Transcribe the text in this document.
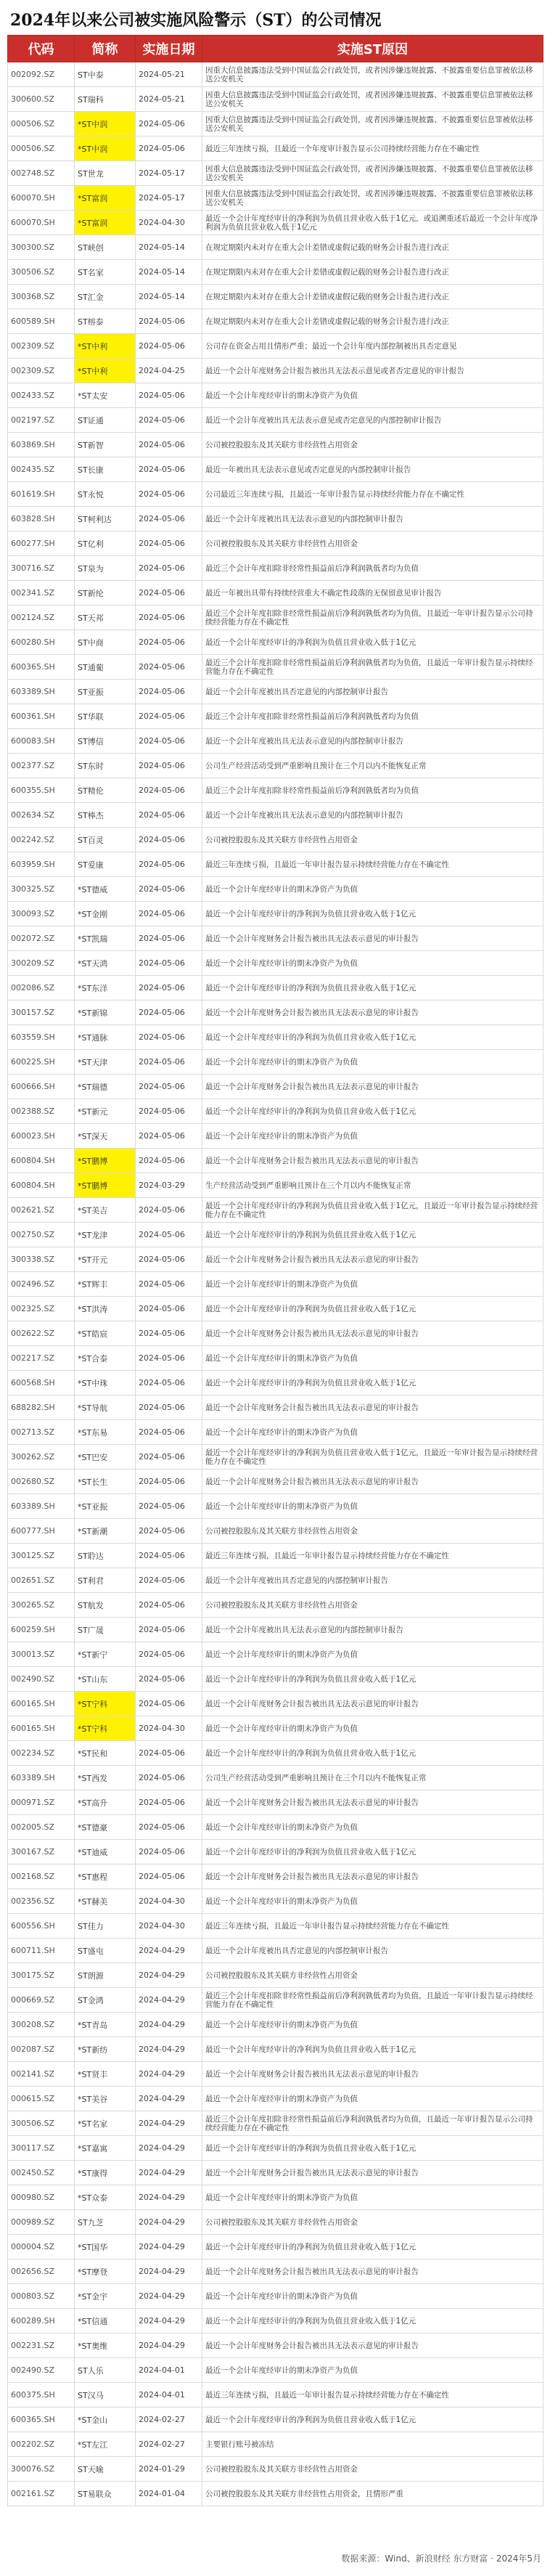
2024年以来公司被实施风险警示（ST）的公司情况
代码	简称	实施日期	实施ST原因
002092.SZ	ST中泰	2024-05-21	因重大信息披露违法受到中国证监会行政处罚，或者因涉嫌违规披露、不披露重要信息罪被依法移送公安机关
300600.SZ	ST瑞科	2024-05-21	因重大信息披露违法受到中国证监会行政处罚，或者因涉嫌违规披露、不披露重要信息罪被依法移送公安机关
000506.SZ	*ST中润	2024-05-06	因重大信息披露违法受到中国证监会行政处罚，或者因涉嫌违规披露、不披露重要信息罪被依法移送公安机关
000506.SZ	*ST中润	2024-05-06	最近三年连续亏损，且最近一个年度审计报告显示公司持续经营能力存在不确定性
002748.SZ	ST世龙	2024-05-17	因重大信息披露违法受到中国证监会行政处罚，或者因涉嫌违规披露、不披露重要信息罪被依法移送公安机关
600070.SH	*ST富润	2024-05-17	因重大信息披露违法受到中国证监会行政处罚，或者因涉嫌违规披露、不披露重要信息罪被依法移送公安机关
600070.SH	*ST富润	2024-04-30	最近一个会计年度经审计的净利润为负值且营业收入低于1亿元，或追溯重述后最近一个会计年度净利润为负值且营业收入低于1亿元
300300.SZ	ST峡创	2024-05-14	在规定期限内未对存在重大会计差错或虚假记载的财务会计报告进行改正
300506.SZ	ST名家	2024-05-14	在规定期限内未对存在重大会计差错或虚假记载的财务会计报告进行改正
300368.SZ	ST汇金	2024-05-14	在规定期限内未对存在重大会计差错或虚假记载的财务会计报告进行改正
600589.SH	ST榕泰	2024-05-06	在规定期限内未对存在重大会计差错或虚假记载的财务会计报告进行改正
002309.SZ	*ST中利	2024-05-06	公司存在资金占用且情形严重；最近一个会计年度内部控制被出具否定意见
002309.SZ	*ST中利	2024-04-25	最近一个会计年度财务会计报告被出具无法表示意见或者否定意见的审计报告
002433.SZ	*ST太安	2024-05-06	最近一个会计年度经审计的期末净资产为负值
002197.SZ	ST证通	2024-05-06	最近一个会计年度被出具无法表示意见或否定意见的内部控制审计报告
603869.SH	ST新智	2024-05-06	公司被控股股东及其关联方非经营性占用资金
002435.SZ	ST长康	2024-05-06	最近一年被出具无法表示意见或否定意见的内部控制审计报告
601619.SH	ST永悦	2024-05-06	公司最近三年连续亏损，且最近一年审计报告显示持续经营能力存在不确定性
603828.SH	ST柯利达	2024-05-06	最近一个会计年度被出具无法表示意见的内部控制审计报告
600277.SH	ST亿利	2024-05-06	公司被控股股东及其关联方非经营性占用资金
300716.SZ	ST泉为	2024-05-06	最近三个会计年度扣除非经常性损益前后净利润孰低者均为负值
002341.SZ	ST新纶	2024-05-06	最近一年被出具带有持续经营重大不确定性段落的无保留意见审计报告
002124.SZ	ST天邦	2024-05-06	最近三个会计年度扣除非经常性损益前后净利润孰低者均为负值，且最近一年审计报告显示公司持续经营能力存在不确定性
600280.SH	ST中商	2024-05-06	最近一个会计年度经审计的净利润为负值且营业收入低于1亿元
600365.SH	ST通葡	2024-05-06	最近三个会计年度扣除非经常性损益前后净利润孰低者均为负值，且最近一年审计报告显示持续经营能力存在不确定性
603389.SH	ST亚振	2024-05-06	最近一个会计年度被出具否定意见的内部控制审计报告
600361.SH	ST华联	2024-05-06	最近三个会计年度扣除非经常性损益前后净利润孰低者均为负值
600083.SH	ST博信	2024-05-06	最近一个会计年度被出具无法表示意见的内部控制审计报告
002377.SZ	ST东时	2024-05-06	公司生产经营活动受到严重影响且预计在三个月以内不能恢复正常
600355.SH	ST精伦	2024-05-06	最近三个会计年度扣除非经常性损益前后净利润孰低者均为负值
002634.SZ	ST棒杰	2024-05-06	最近一个会计年度被出具无法表示意见的内部控制审计报告
002242.SZ	ST百灵	2024-05-06	公司被控股股东及其关联方非经营性占用资金
603959.SH	ST爱康	2024-05-06	最近三年连续亏损，且最近一年审计报告显示持续经营能力存在不确定性
300325.SZ	*ST德威	2024-05-06	最近一个会计年度经审计的期末净资产为负值
300093.SZ	*ST金刚	2024-05-06	最近一个会计年度经审计的净利润为负值且营业收入低于1亿元
002072.SZ	*ST凯瑞	2024-05-06	最近一个会计年度财务会计报告被出具无法表示意见的审计报告
300209.SZ	*ST天鸿	2024-05-06	最近一个会计年度经审计的期末净资产为负值
002086.SZ	*ST东洋	2024-05-06	最近一个会计年度经审计的净利润为负值且营业收入低于1亿元
300157.SZ	*ST新锦	2024-05-06	最近一个会计年度财务会计报告被出具无法表示意见的审计报告
603559.SH	*ST通脉	2024-05-06	最近一个会计年度经审计的净利润为负值且营业收入低于1亿元
600225.SH	*ST天津	2024-05-06	最近一个会计年度经审计的期末净资产为负值
600666.SH	*ST瑞德	2024-05-06	最近一个会计年度财务会计报告被出具无法表示意见的审计报告
002388.SZ	*ST新元	2024-05-06	最近一个会计年度经审计的净利润为负值且营业收入低于1亿元
600023.SH	*ST深天	2024-05-06	最近一个会计年度经审计的期末净资产为负值
600804.SH	*ST鹏博	2024-05-06	最近一个会计年度财务会计报告被出具无法表示意见的审计报告
600804.SH	*ST鹏博	2024-03-29	生产经营活动受到严重影响且预计在三个月以内不能恢复正常
002621.SZ	*ST美吉	2024-05-06	最近一个会计年度经审计的净利润为负值且营业收入低于1亿元，且最近一年审计报告显示持续经营能力存在不确定性
002750.SZ	*ST龙津	2024-05-06	最近一个会计年度经审计的净利润为负值且营业收入低于1亿元
300338.SZ	*ST开元	2024-05-06	最近一个会计年度财务会计报告被出具无法表示意见的审计报告
002496.SZ	*ST辉丰	2024-05-06	最近一个会计年度经审计的期末净资产为负值
002325.SZ	*ST洪涛	2024-05-06	最近一个会计年度经审计的净利润为负值且营业收入低于1亿元
002622.SZ	*ST皓宸	2024-05-06	最近一个会计年度财务会计报告被出具无法表示意见的审计报告
002217.SZ	*ST合泰	2024-05-06	最近一个会计年度经审计的期末净资产为负值
600568.SH	*ST中珠	2024-05-06	最近一个会计年度经审计的净利润为负值且营业收入低于1亿元
688282.SH	*ST导航	2024-05-06	最近一个会计年度财务会计报告被出具无法表示意见的审计报告
002713.SZ	*ST东易	2024-05-06	最近一个会计年度经审计的期末净资产为负值
300262.SZ	*ST巴安	2024-05-06	最近一个会计年度经审计的净利润为负值且营业收入低于1亿元，且最近一年审计报告显示持续经营能力存在不确定性
002680.SZ	*ST长生	2024-05-06	最近一个会计年度财务会计报告被出具无法表示意见的审计报告
603389.SH	*ST亚振	2024-05-06	最近一个会计年度经审计的期末净资产为负值
600777.SH	*ST新潮	2024-05-06	公司被控股股东及其关联方非经营性占用资金
300125.SZ	ST聆达	2024-05-06	最近三年连续亏损，且最近一年审计报告显示持续经营能力存在不确定性
002651.SZ	ST利君	2024-05-06	最近一个会计年度被出具否定意见的内部控制审计报告
300265.SZ	ST航发	2024-05-06	公司被控股股东及其关联方非经营性占用资金
600259.SH	ST广晟	2024-05-06	最近一个会计年度被出具无法表示意见的内部控制审计报告
300013.SZ	*ST新宁	2024-05-06	最近一个会计年度经审计的期末净资产为负值
002490.SZ	*ST山东	2024-05-06	最近一个会计年度经审计的净利润为负值且营业收入低于1亿元
600165.SH	*ST宁科	2024-05-06	最近一个会计年度财务会计报告被出具无法表示意见的审计报告
600165.SH	*ST宁科	2024-04-30	最近一个会计年度经审计的期末净资产为负值
002234.SZ	*ST民和	2024-05-06	最近一个会计年度经审计的净利润为负值且营业收入低于1亿元
603389.SH	*ST西发	2024-05-06	公司生产经营活动受到严重影响且预计在三个月以内不能恢复正常
000971.SZ	*ST高升	2024-05-06	最近一个会计年度财务会计报告被出具无法表示意见的审计报告
002005.SZ	*ST德豪	2024-05-06	最近一个会计年度经审计的期末净资产为负值
300167.SZ	*ST迪威	2024-05-06	最近一个会计年度经审计的净利润为负值且营业收入低于1亿元
002168.SZ	*ST惠程	2024-05-06	最近一个会计年度财务会计报告被出具无法表示意见的审计报告
002356.SZ	*ST赫美	2024-04-30	最近一个会计年度经审计的期末净资产为负值
600556.SH	ST佳力	2024-04-30	最近三年连续亏损，且最近一年审计报告显示持续经营能力存在不确定性
600711.SH	ST盛屯	2024-04-29	最近一个会计年度被出具否定意见的内部控制审计报告
300175.SZ	ST朗源	2024-04-29	公司被控股股东及其关联方非经营性占用资金
000669.SZ	ST金鸿	2024-04-29	最近三个会计年度扣除非经常性损益前后净利润孰低者均为负值，且最近一年审计报告显示持续经营能力存在不确定性
300208.SZ	*ST青岛	2024-04-29	最近一个会计年度经审计的期末净资产为负值
002087.SZ	*ST新纺	2024-04-29	最近一个会计年度经审计的净利润为负值且营业收入低于1亿元
002141.SZ	*ST贤丰	2024-04-29	最近一个会计年度财务会计报告被出具无法表示意见的审计报告
000615.SZ	*ST美谷	2024-04-29	最近一个会计年度经审计的期末净资产为负值
300506.SZ	*ST名家	2024-04-29	最近三个会计年度扣除非经常性损益前后净利润孰低者均为负值，且最近一年审计报告显示公司持续经营能力存在不确定性
300117.SZ	*ST嘉寓	2024-04-29	最近一个会计年度经审计的净利润为负值且营业收入低于1亿元
002450.SZ	*ST康得	2024-04-29	最近一个会计年度财务会计报告被出具无法表示意见的审计报告
000980.SZ	*ST众泰	2024-04-29	最近一个会计年度经审计的期末净资产为负值
000989.SZ	ST九芝	2024-04-29	公司被控股股东及其关联方非经营性占用资金
000004.SZ	*ST国华	2024-04-29	最近一个会计年度经审计的净利润为负值且营业收入低于1亿元
002656.SZ	*ST摩登	2024-04-29	最近一个会计年度财务会计报告被出具无法表示意见的审计报告
000803.SZ	*ST金宇	2024-04-29	最近一个会计年度经审计的期末净资产为负值
600289.SH	*ST信通	2024-04-29	最近一个会计年度经审计的净利润为负值且营业收入低于1亿元
002231.SZ	*ST奥维	2024-04-29	最近一个会计年度财务会计报告被出具无法表示意见的审计报告
002490.SZ	ST人乐	2024-04-01	最近一个会计年度经审计的期末净资产为负值
600375.SH	ST汉马	2024-04-01	最近三年连续亏损，且最近一年审计报告显示持续经营能力存在不确定性
600365.SH	*ST金山	2024-02-27	最近一个会计年度经审计的净利润为负值且营业收入低于1亿元
002202.SZ	*ST左江	2024-02-27	主要银行账号被冻结
300076.SZ	ST天喻	2024-01-29	公司被控股股东及其关联方非经营性占用资金
002161.SZ	ST易联众	2024-01-04	公司被控股股东及其关联方非经营性占用资金，且情形严重
数据来源：Wind、新浪财经 东方财富 · 2024年5月
